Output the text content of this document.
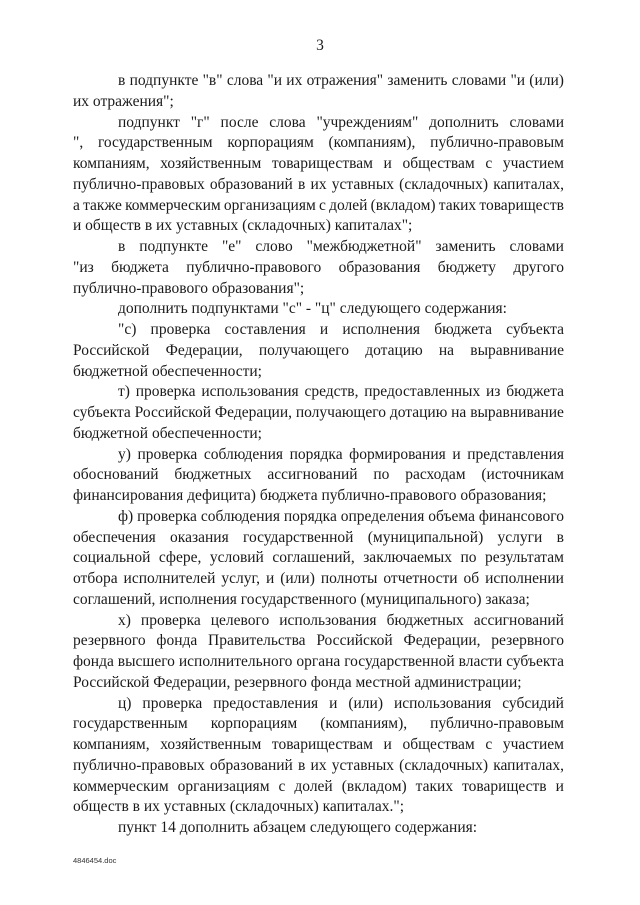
3
в подпункте "в" слова "и их отражения" заменить словами "и (или)
их отражения";
подпункт "г" после слова "учреждениям" дополнить словами
", государственным корпорациям (компаниям), публично-правовым
компаниям, хозяйственным товариществам и обществам с участием
публично-правовых образований в их уставных (складочных) капиталах,
а также коммерческим организациям с долей (вкладом) таких товариществ
и обществ в их уставных (складочных) капиталах";
в подпункте "е" слово "межбюджетной" заменить словами
"из бюджета публично-правового образования бюджету другого
публично-правового образования";
дополнить подпунктами "с" - "ц" следующего содержания:
"с) проверка составления и исполнения бюджета субъекта
Российской Федерации, получающего дотацию на выравнивание
бюджетной обеспеченности;
т) проверка использования средств, предоставленных из бюджета
субъекта Российской Федерации, получающего дотацию на выравнивание
бюджетной обеспеченности;
у) проверка соблюдения порядка формирования и представления
обоснований бюджетных ассигнований по расходам (источникам
финансирования дефицита) бюджета публично-правового образования;
ф) проверка соблюдения порядка определения объема финансового
обеспечения оказания государственной (муниципальной) услуги в
социальной сфере, условий соглашений, заключаемых по результатам
отбора исполнителей услуг, и (или) полноты отчетности об исполнении
соглашений, исполнения государственного (муниципального) заказа;
х) проверка целевого использования бюджетных ассигнований
резервного фонда Правительства Российской Федерации, резервного
фонда высшего исполнительного органа государственной власти субъекта
Российской Федерации, резервного фонда местной администрации;
ц) проверка предоставления и (или) использования субсидий
государственным корпорациям (компаниям), публично-правовым
компаниям, хозяйственным товариществам и обществам с участием
публично-правовых образований в их уставных (складочных) капиталах,
коммерческим организациям с долей (вкладом) таких товариществ и
обществ в их уставных (складочных) капиталах.";
пункт 14 дополнить абзацем следующего содержания:
4846454.doc
